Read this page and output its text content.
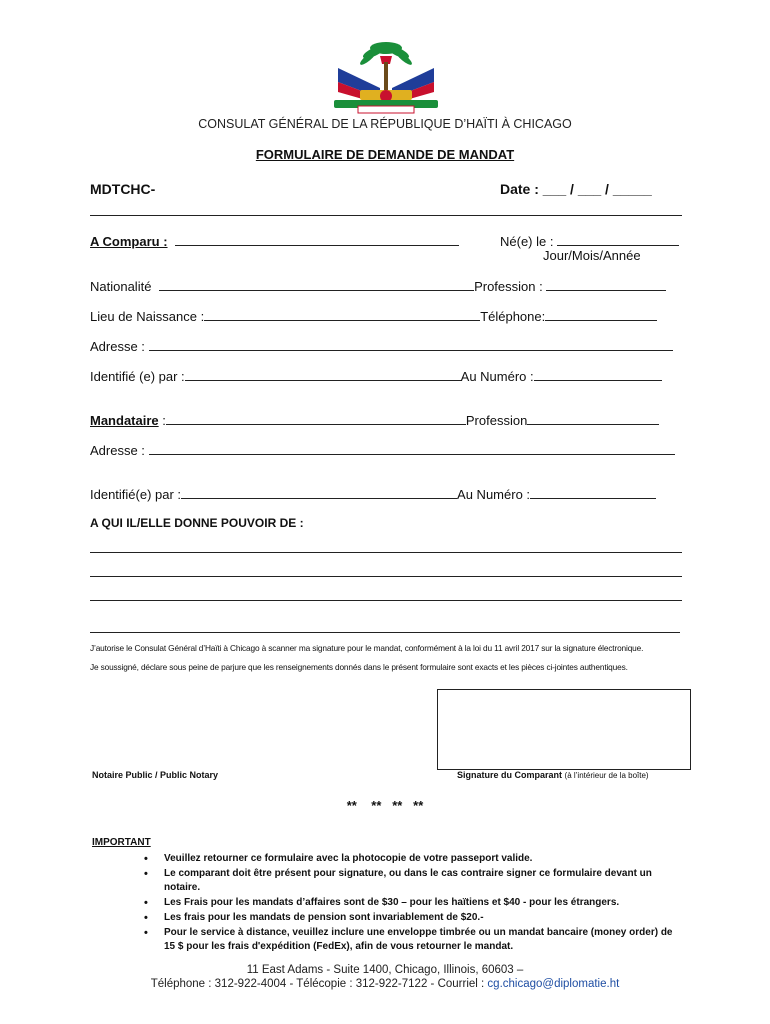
CONSULAT GÉNÉRAL DE LA RÉPUBLIQUE D’HAÏTI À CHICAGO
FORMULAIRE DE DEMANDE DE MANDAT
MDTCHC-	Date : ___ / ___ / _____
A Comparu :	Né(e) le :
Jour/Mois/Année
Nationalité	Profession :
Lieu de Naissance :	Téléphone:
Adresse :
Identifié (e) par :	Au Numéro :
Mandataire :	Profession
Adresse :
Identifié(e) par :	Au Numéro :
A QUI IL/ELLE DONNE POUVOIR DE :
J’autorise le Consulat Général d’Haïti à Chicago à scanner ma signature pour le mandat, conformément à la loi du 11 avril 2017 sur la signature électronique.
Je soussigné, déclare sous peine de parjure que les renseignements donnés dans le présent formulaire sont exacts et les pièces ci-jointes authentiques.
Notaire Public / Public Notary	Signature du Comparant (à l’intérieur de la boîte)
**    **   **   **
IMPORTANT
• Veuillez retourner ce formulaire avec la photocopie de votre passeport valide.
• Le comparant doit être présent pour signature, ou dans le cas contraire signer ce formulaire devant un notaire.
• Les Frais pour les mandats d’affaires sont de $30 – pour les haïtiens et $40 - pour les étrangers.
• Les frais pour les mandats de pension sont invariablement de $20.-
• Pour le service à distance, veuillez inclure une enveloppe timbrée ou un mandat bancaire (money order) de 15 $ pour les frais d'expédition (FedEx), afin de vous retourner le mandat.
11 East Adams - Suite 1400, Chicago, Illinois, 60603 –
Téléphone : 312-922-4004 - Télécopie : 312-922-7122 - Courriel : cg.chicago@diplomatie.ht
